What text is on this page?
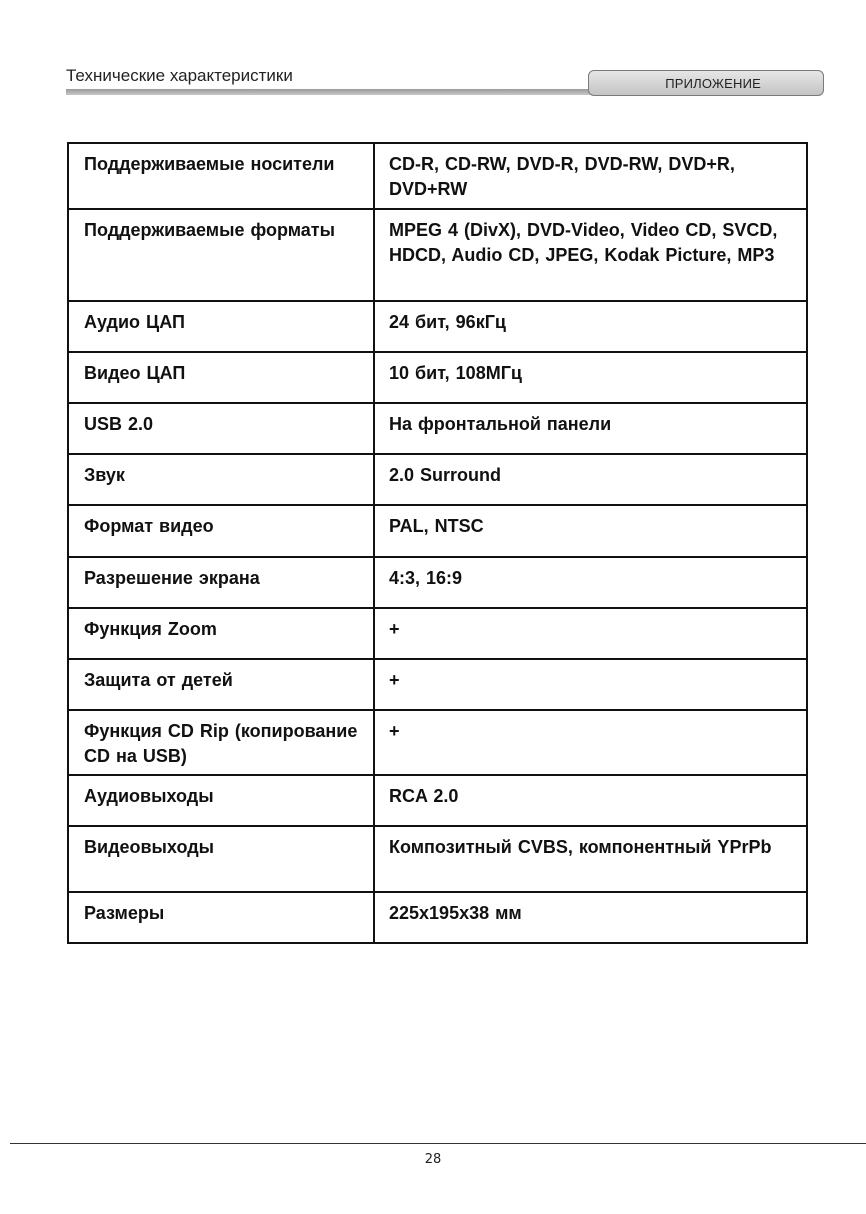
Технические характеристики	ПРИЛОЖЕНИЕ
Поддерживаемые носители	CD-R, CD-RW, DVD-R, DVD-RW, DVD+R, DVD+RW
Поддерживаемые форматы	MPEG 4 (DivX), DVD-Video, Video CD, SVCD, HDCD, Audio CD, JPEG, Kodak Picture, MP3
Аудио ЦАП	24 бит, 96кГц
Видео ЦАП	10 бит, 108МГц
USB 2.0	На фронтальной панели
Звук	2.0 Surround
Формат видео	PAL, NTSC
Разрешение экрана	4:3, 16:9
Функция Zoom	+
Защита от детей	+
Функция CD Rip (копирование CD на USB)	+
Аудиовыходы	RCA 2.0
Видеовыходы	Композитный CVBS, компонентный YPrPb
Размеры	225x195x38 мм
28
